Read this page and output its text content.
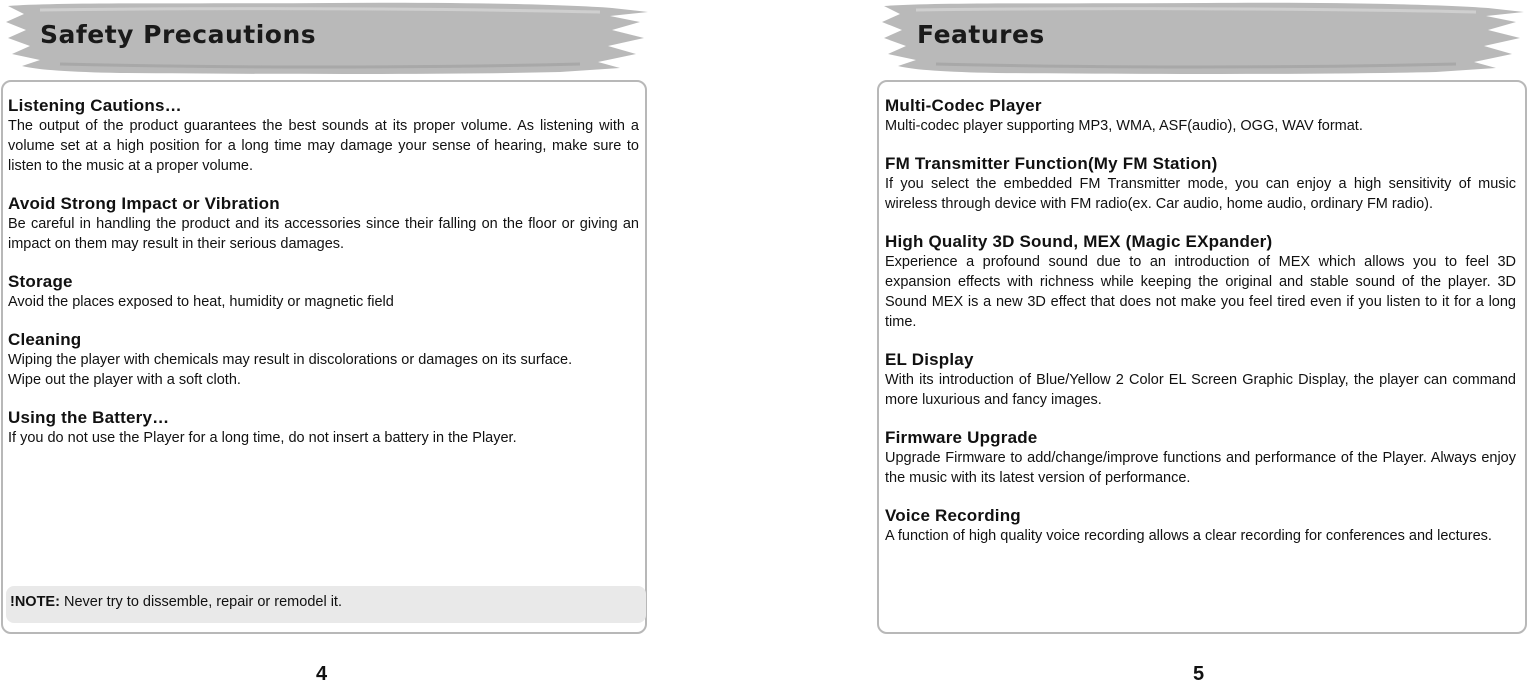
Safety Precautions
Listening Cautions…

The output of the product guarantees the best sounds at its proper volume. As listening with a volume set at a high position for a long time may damage your sense of hearing, make sure to listen to the music at a proper volume.

Avoid Strong Impact or Vibration

Be careful in handling the product and its accessories since their falling on the floor or giving an impact on them may result in their serious damages.

Storage

Avoid the places exposed to heat, humidity or magnetic field

Cleaning

Wiping the player with chemicals may result in discolorations or damages on its surface.

Wipe out the player with a soft cloth.

Using the Battery…

If you do not use the Player for a long time, do not insert a battery in the Player.

!NOTE: Never try to dissemble, repair or remodel it.
4
Features
Multi-Codec Player

Multi-codec player supporting MP3, WMA, ASF(audio), OGG, WAV format.

FM Transmitter Function(My FM Station)

If you select the embedded FM Transmitter mode, you can enjoy a high sensitivity of music wireless through device with FM radio(ex. Car audio, home audio, ordinary FM radio).

High Quality 3D Sound, MEX (Magic EXpander)

Experience a profound sound due to an introduction of MEX which allows you to feel 3D expansion effects with richness while keeping the original and stable sound of the player. 3D Sound MEX is a new 3D effect that does not make you feel tired even if you listen to it for a long time.

EL Display

With its introduction of Blue/Yellow 2 Color EL Screen Graphic Display, the player can command more luxurious and fancy images.

Firmware Upgrade

Upgrade Firmware to add/change/improve functions and performance of the Player. Always enjoy the music with its latest version of performance.

Voice Recording

A function of high quality voice recording allows a clear recording for conferences and lectures.

5
